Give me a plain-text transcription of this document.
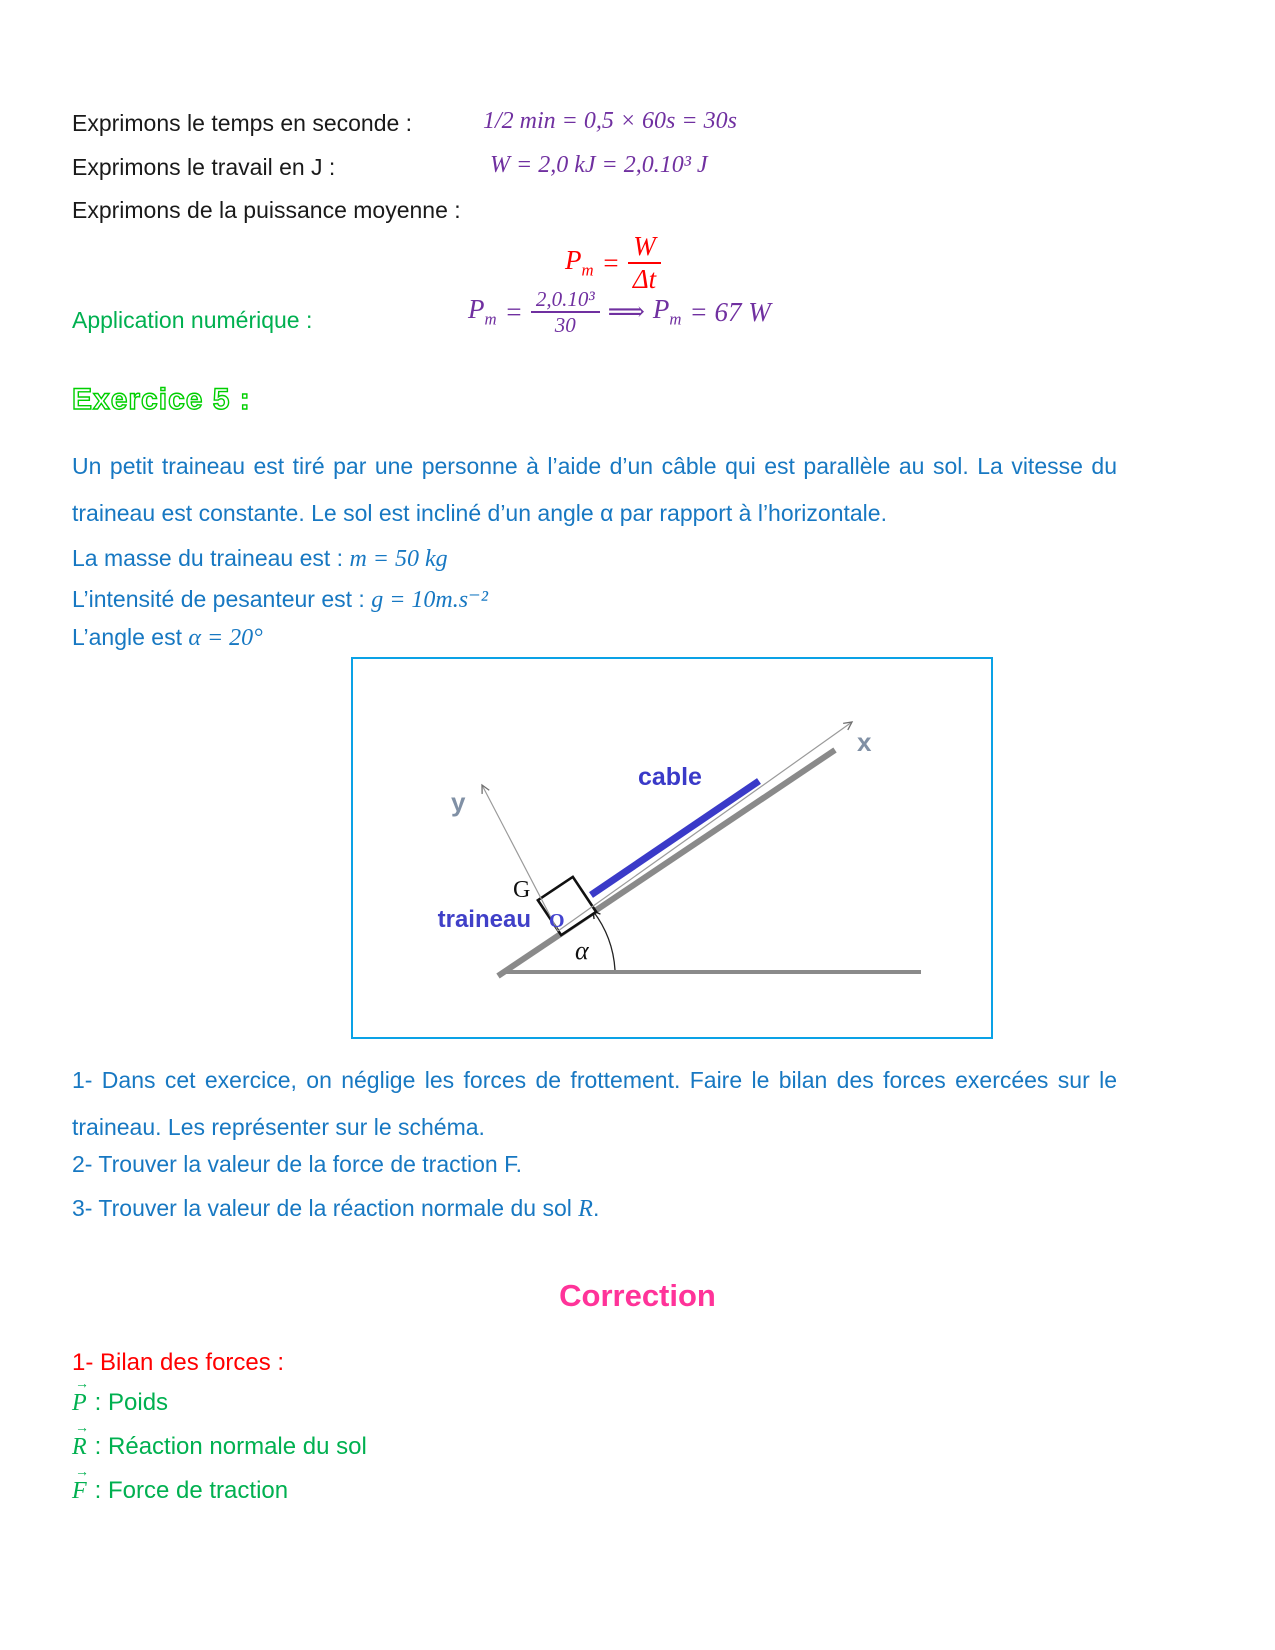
Exprimons le temps en seconde :	1/2 min = 0,5 × 60s = 30s
Exprimons le travail en J :	W = 2,0 kJ = 2,0.10³ J
Exprimons de la puissance moyenne :
$P_m = \frac{W}{\Delta t}$
Application numérique :	$P_m = \frac{\text{2,0.10³}}{30}$ ⟹ $P_m = 67$ W
Exercice 5 :
Un petit traineau est tiré par une personne à l’aide d’un câble qui est parallèle au sol. La vitesse du traineau est constante. Le sol est incliné d’un angle α par rapport à l’horizontale.
La masse du traineau est : m = 50 kg
L’intensité de pesanteur est : g = 10m.s⁻²
L’angle est α = 20°
x
y
cable
traineau
G
O
α
1- Dans cet exercice, on néglige les forces de frottement. Faire le bilan des forces exercées sur le traineau. Les représenter sur le schéma.
2- Trouver la valeur de la force de traction F.
3- Trouver la valeur de la réaction normale du sol R.
Correction
1- Bilan des forces :
→
P : Poids
→
R : Réaction normale du sol
→
F : Force de traction
